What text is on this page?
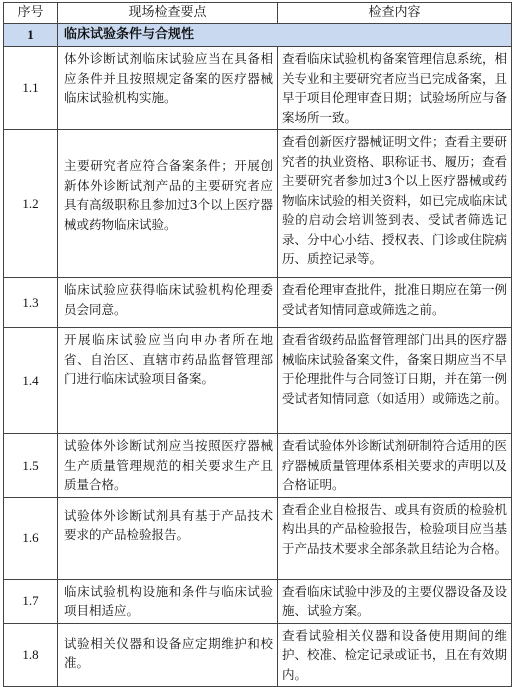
序号	现场检查要点	检查内容
1	临床试验条件与合规性	
1.1	体外诊断试剂临床试验应当在具备相应条件并且按照规定备案的医疗器械临床试验机构实施。	查看临床试验机构备案管理信息系统，相关专业和主要研究者应当已完成备案，且早于项目伦理审查日期；试验场所应与备案场所一致。
1.2	主要研究者应符合备案条件；开展创新体外诊断试剂产品的主要研究者应具有高级职称且参加过3个以上医疗器械或药物临床试验。	查看创新医疗器械证明文件；查看主要研究者的执业资格、职称证书、履历；查看主要研究者参加过3个以上医疗器械或药物临床试验的相关资料，如已完成临床试验的启动会培训签到表、受试者筛选记录、分中心小结、授权表、门诊或住院病历、质控记录等。
1.3	临床试验应获得临床试验机构伦理委员会同意。	查看伦理审查批件，批准日期应在第一例受试者知情同意或筛选之前。
1.4	开展临床试验应当向申办者所在地省、自治区、直辖市药品监督管理部门进行临床试验项目备案。	查看省级药品监督管理部门出具的医疗器械临床试验备案文件，备案日期应当不早于伦理批件与合同签订日期，并在第一例受试者知情同意（如适用）或筛选之前。
1.5	试验体外诊断试剂应当按照医疗器械生产质量管理规范的相关要求生产且质量合格。	查看试验体外诊断试剂研制符合适用的医疗器械质量管理体系相关要求的声明以及合格证明。
1.6	试验体外诊断试剂具有基于产品技术要求的产品检验报告。	查看企业自检报告、或具有资质的检验机构出具的产品检验报告，检验项目应当基于产品技术要求全部条款且结论为合格。
1.7	临床试验机构设施和条件与临床试验项目相适应。	查看临床试验中涉及的主要仪器设备及设施、试验方案。
1.8	试验相关仪器和设备应定期维护和校准。	查看试验相关仪器和设备使用期间的维护、校准、检定记录或证书，且在有效期内。
